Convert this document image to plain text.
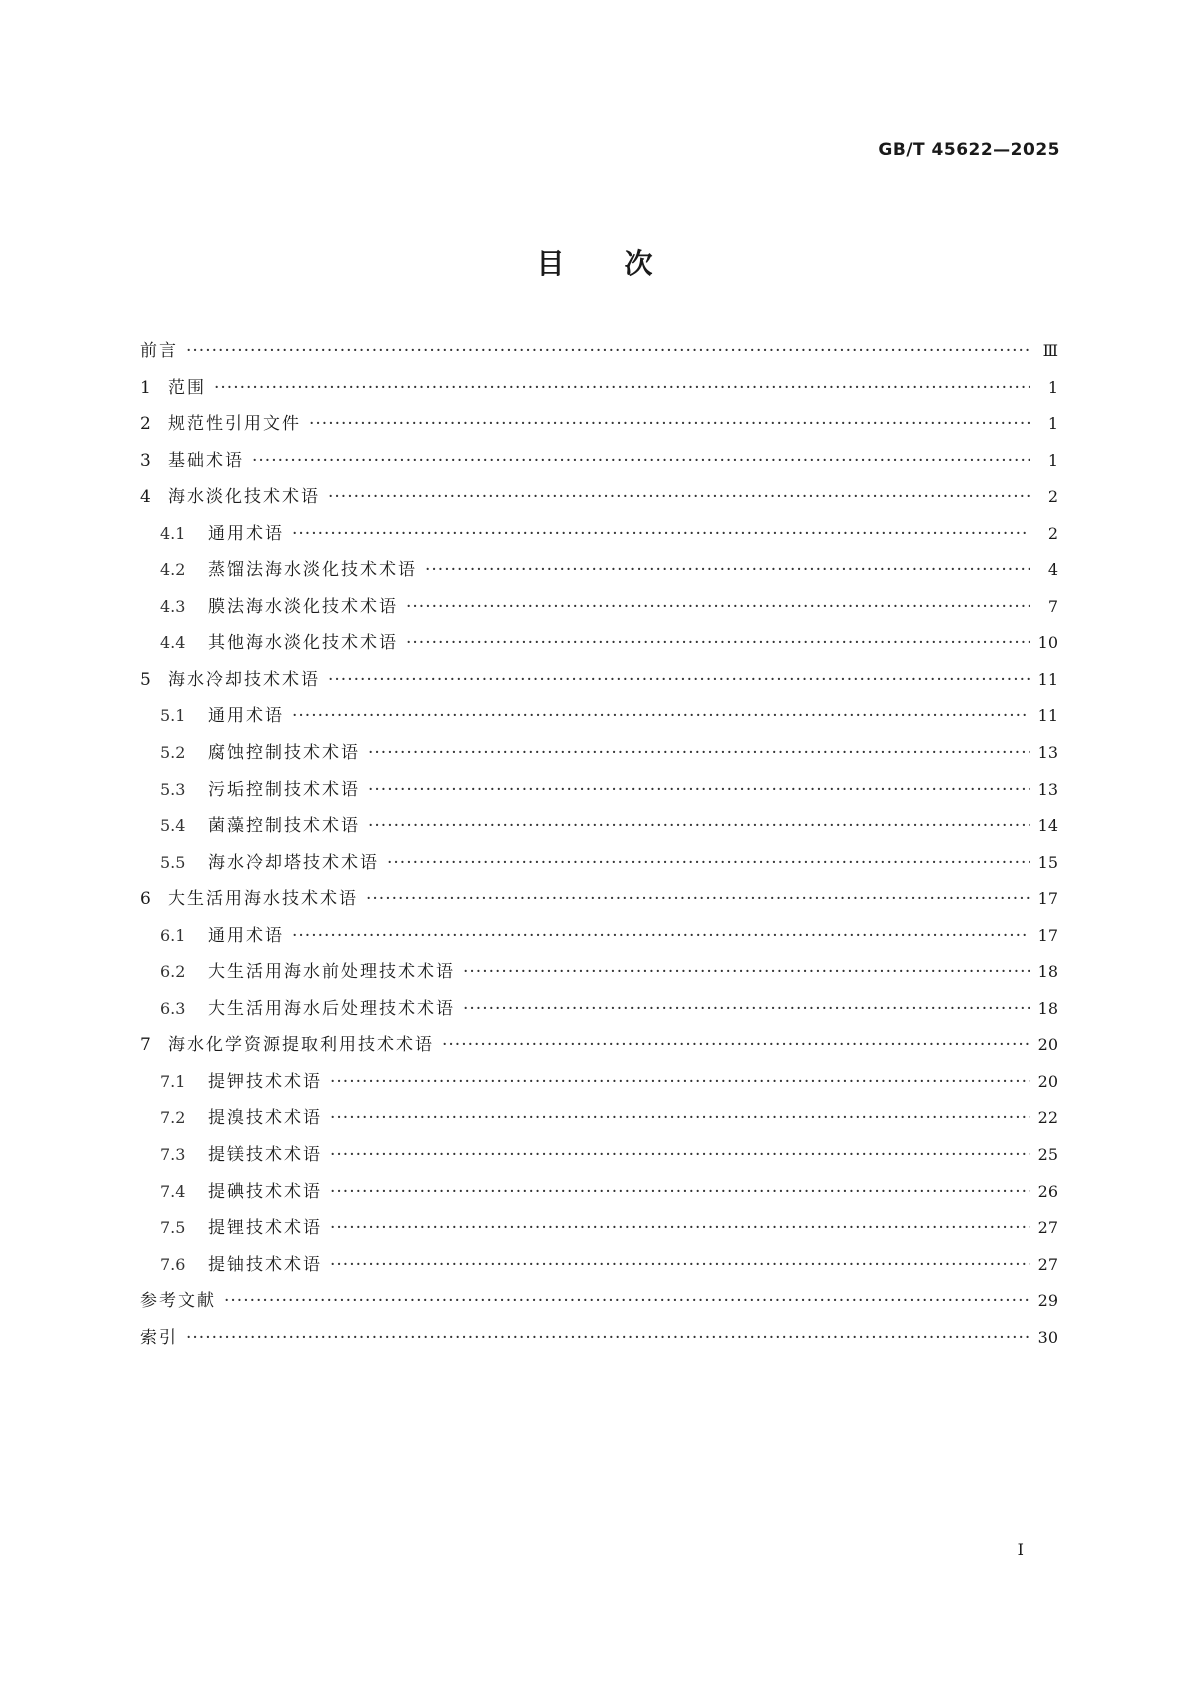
GB/T 45622—2025
目 次
前言 ·····	Ⅲ
1	范围 ·····	1
2	规范性引用文件 ·····	1
3	基础术语 ·····	1
4	海水淡化技术术语 ·····	2
4.1	通用术语 ·····	2
4.2	蒸馏法海水淡化技术术语 ·····	4
4.3	膜法海水淡化技术术语 ·····	7
4.4	其他海水淡化技术术语 ·····	10
5	海水冷却技术术语 ·····	11
5.1	通用术语 ·····	11
5.2	腐蚀控制技术术语 ·····	13
5.3	污垢控制技术术语 ·····	13
5.4	菌藻控制技术术语 ·····	14
5.5	海水冷却塔技术术语 ·····	15
6	大生活用海水技术术语 ·····	17
6.1	通用术语 ·····	17
6.2	大生活用海水前处理技术术语 ·····	18
6.3	大生活用海水后处理技术术语 ·····	18
7	海水化学资源提取利用技术术语 ·····	20
7.1	提钾技术术语 ·····	20
7.2	提溴技术术语 ·····	22
7.3	提镁技术术语 ·····	25
7.4	提碘技术术语 ·····	26
7.5	提锂技术术语 ·····	27
7.6	提铀技术术语 ·····	27
参考文献 ·····	29
索引 ·····	30
I
